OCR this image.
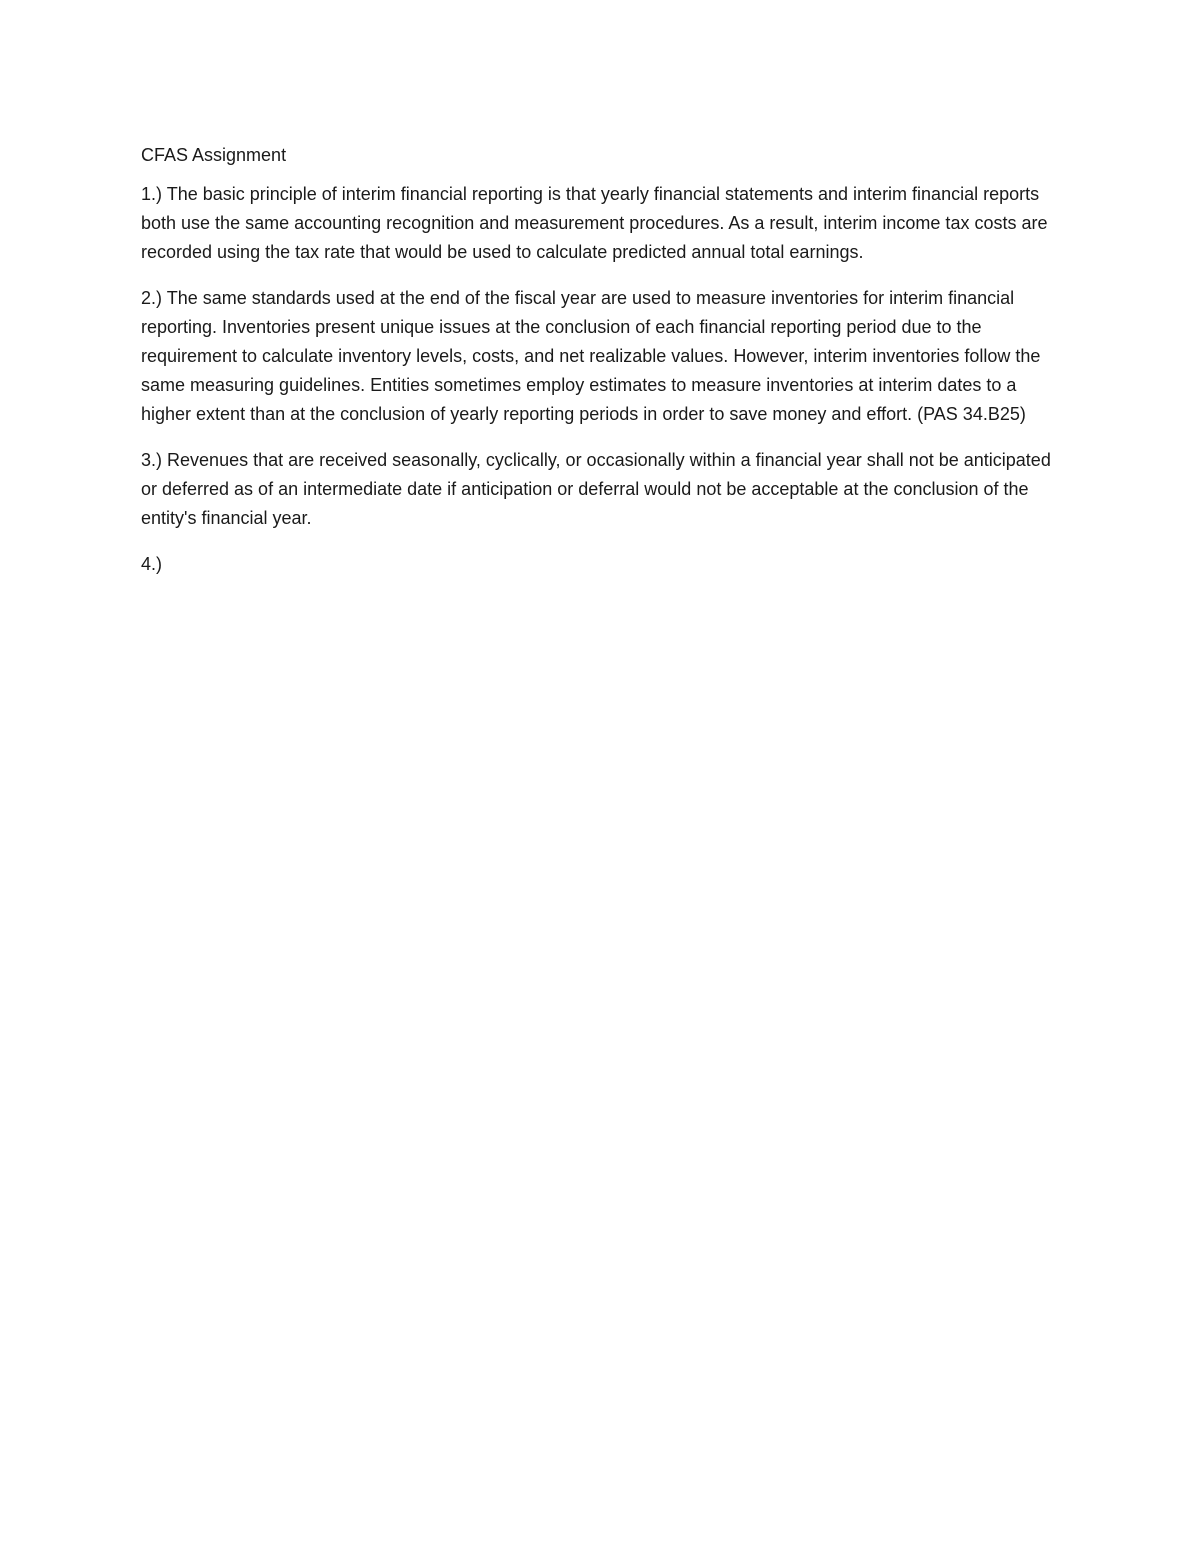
CFAS Assignment

1.) The basic principle of interim financial reporting is that yearly financial statements and interim financial reports both use the same accounting recognition and measurement procedures. As a result, interim income tax costs are recorded using the tax rate that would be used to calculate predicted annual total earnings.

2.) The same standards used at the end of the fiscal year are used to measure inventories for interim financial reporting. Inventories present unique issues at the conclusion of each financial reporting period due to the requirement to calculate inventory levels, costs, and net realizable values. However, interim inventories follow the same measuring guidelines. Entities sometimes employ estimates to measure inventories at interim dates to a higher extent than at the conclusion of yearly reporting periods in order to save money and effort. (PAS 34.B25)

3.) Revenues that are received seasonally, cyclically, or occasionally within a financial year shall not be anticipated or deferred as of an intermediate date if anticipation or deferral would not be acceptable at the conclusion of the entity's financial year.

4.)
